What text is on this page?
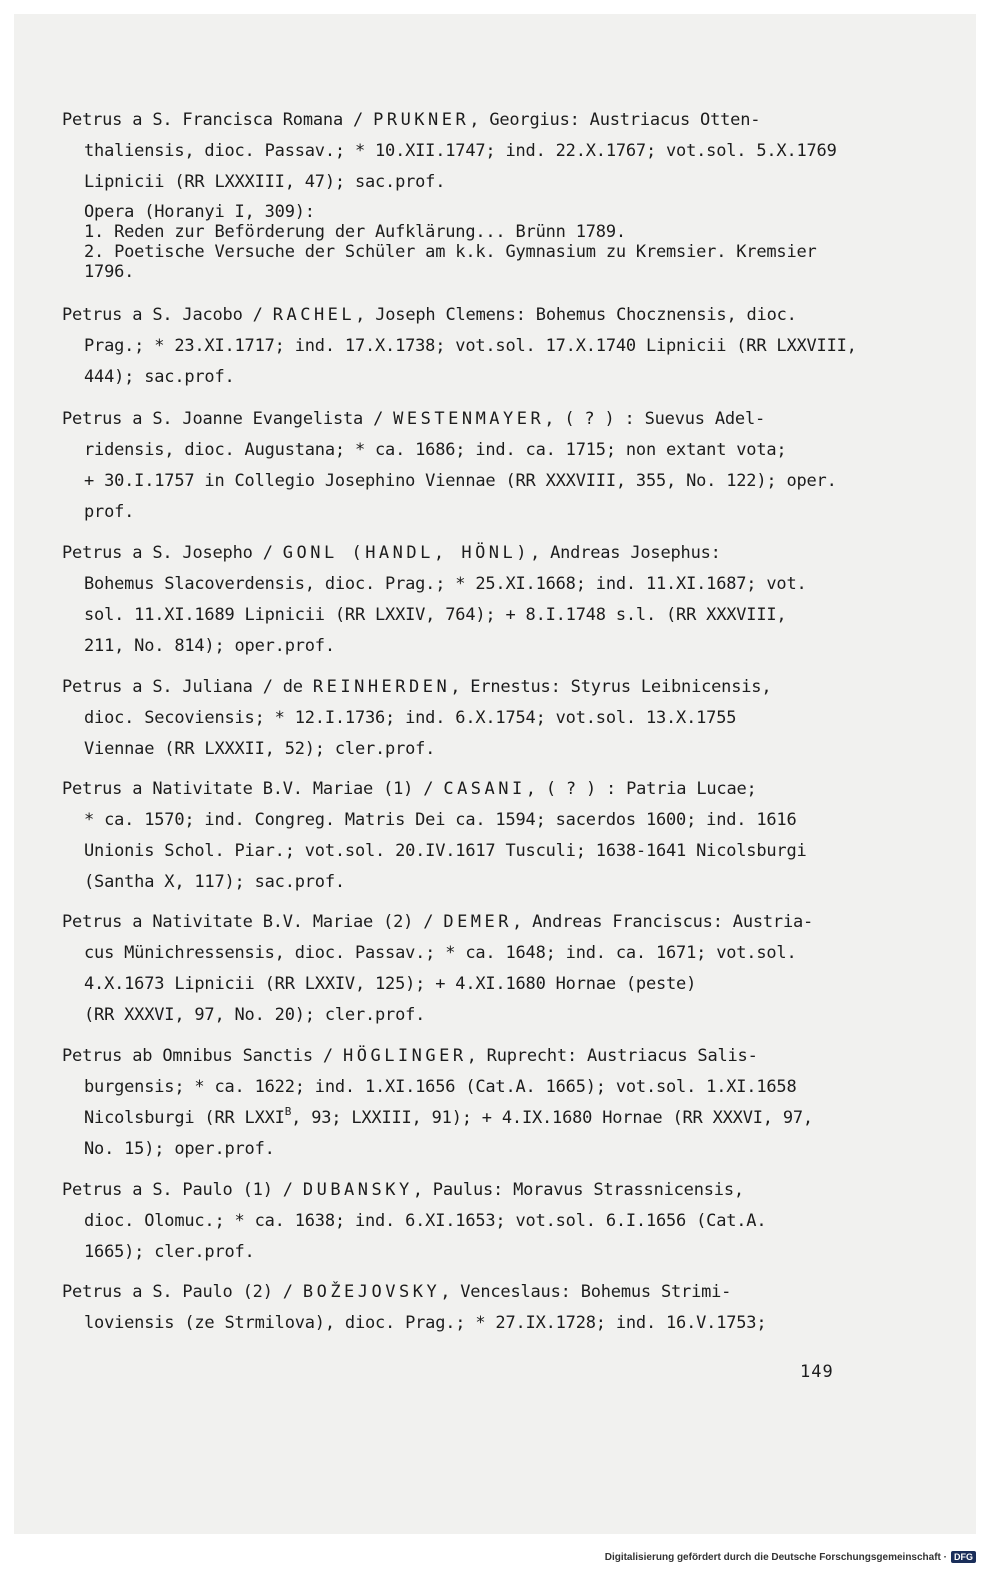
Petrus a S. Francisca Romana / PRUKNER, Georgius: Austriacus Otten-
thaliensis, dioc. Passav.; * 10.XII.1747; ind. 22.X.1767; vot.sol. 5.X.1769
Lipnicii (RR LXXXIII, 47); sac.prof.
Opera (Horanyi I, 309):
1. Reden zur Beförderung der Aufklärung... Brünn 1789.
2. Poetische Versuche der Schüler am k.k. Gymnasium zu Kremsier. Kremsier
1796.
Petrus a S. Jacobo / RACHEL, Joseph Clemens: Bohemus Chocznensis, dioc.
Prag.; * 23.XI.1717; ind. 17.X.1738; vot.sol. 17.X.1740 Lipnicii (RR LXXVIII,
444); sac.prof.
Petrus a S. Joanne Evangelista / WESTENMAYER, ( ? ) : Suevus Adel-
ridensis, dioc. Augustana; * ca. 1686; ind. ca. 1715; non extant vota;
+ 30.I.1757 in Collegio Josephino Viennae (RR XXXVIII, 355, No. 122); oper.
prof.
Petrus a S. Josepho / GONL (HANDL, HÖNL), Andreas Josephus:
Bohemus Slacoverdensis, dioc. Prag.; * 25.XI.1668; ind. 11.XI.1687; vot.
sol. 11.XI.1689 Lipnicii (RR LXXIV, 764); + 8.I.1748 s.l. (RR XXXVIII,
211, No. 814); oper.prof.
Petrus a S. Juliana / de REINHERDEN, Ernestus: Styrus Leibnicensis,
dioc. Secoviensis; * 12.I.1736; ind. 6.X.1754; vot.sol. 13.X.1755
Viennae (RR LXXXII, 52); cler.prof.
Petrus a Nativitate B.V. Mariae (1) / CASANI, ( ? ) : Patria Lucae;
* ca. 1570; ind. Congreg. Matris Dei ca. 1594; sacerdos 1600; ind. 1616
Unionis Schol. Piar.; vot.sol. 20.IV.1617 Tusculi; 1638-1641 Nicolsburgi
(Santha X, 117); sac.prof.
Petrus a Nativitate B.V. Mariae (2) / DEMER, Andreas Franciscus: Austria-
cus Münichressensis, dioc. Passav.; * ca. 1648; ind. ca. 1671; vot.sol.
4.X.1673 Lipnicii (RR LXXIV, 125); + 4.XI.1680 Hornae (peste)
(RR XXXVI, 97, No. 20); cler.prof.
Petrus ab Omnibus Sanctis / HÖGLINGER, Ruprecht: Austriacus Salis-
burgensis; * ca. 1622; ind. 1.XI.1656 (Cat.A. 1665); vot.sol. 1.XI.1658
Nicolsburgi (RR $LXXI^B$, 93; LXXIII, 91); + 4.IX.1680 Hornae (RR XXXVI, 97,
No. 15); oper.prof.
Petrus a S. Paulo (1) / DUBANSKY, Paulus: Moravus Strassnicensis,
dioc. Olomuc.; * ca. 1638; ind. 6.XI.1653; vot.sol. 6.I.1656 (Cat.A.
1665); cler.prof.
Petrus a S. Paulo (2) / BOŽEJOVSKY, Venceslaus: Bohemus Strimi-
loviensis (ze Strmilova), dioc. Prag.; * 27.IX.1728; ind. 16.V.1753;
149
Digitalisierung gefördert durch die Deutsche Forschungsgemeinschaft · DFG
